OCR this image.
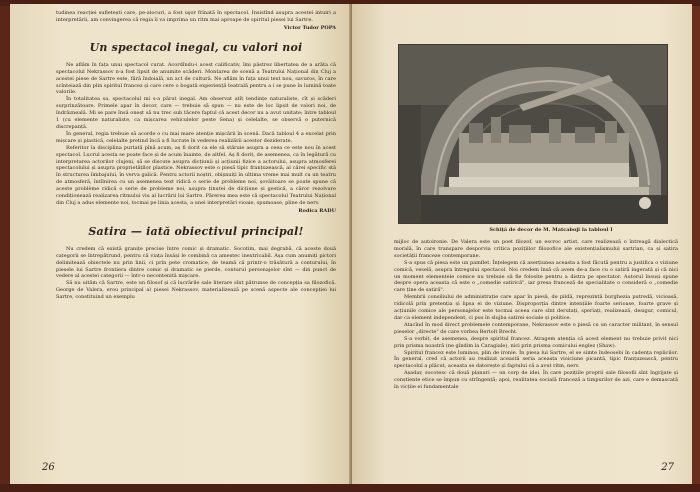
tudinea reacției sufletești care, pe-alocuri, a fost uşor frînată în spectacol. Insistînd asupra acestei intuiri a interpretării, am convingerea că regia îi va imprima un ritm mai aproape de spiritul piesei lui Sartre.

Victor Tudor POPA

Un spectacol inegal, cu valori noi

Ne aflăm în fața unui spectacol curat. Acordîndu-i acest calificativ, îmi păstrez libertatea de a arăta că spectacolul Nekrassov n-a fost lipsit de anumite scăderi. Montarea de scenă a Teatrului Național din Cluj a acestei piese de Sartre este, fără îndoială, un act de cultură. Ne aflăm în fața unui text nou, savuros, în care scînteiază din plin spiritul francez și care cere o bogată experiență teatrală pentru a i se pune în lumină toate valorile.

În totalitatea sa, spectacolul mi s-a părut inegal. Am observat atît tendințe naturaliste, cît și scăderi surprinzătoare. Primele apar în decor, care — trebuie să spun — nu este de loc lipsit de valori noi, de îndrăzneală. Mi se pare însă oneșt să nu trec sub tăcere faptul că acest decor nu a avut unitate; între tabloul 1 (cu elemente naturaliste, ca mișcarea vehiculelor peste Sena) și celelalte, se observă o puternică discrepanță.

În general, regia trebuie să acorde o cu mai mare atenție mișcării în scenă. Dacă tabloul 4 a excelat prin mișcare și plastică, celelalte pretind încă a fi lucrate în vederea realizării acestor deziderate.

Referitor la disciplina purtată pînă acum, aș fi dorit ca ele să stăruie asupra a ceea ce este nou în acest spectacol. Lucrul acesta se poate face și de acum înainte, de altfel. Aș fi dorit, de asemenea, ca în legătură cu interpretarea actorilor clujeni, să se discute asupra dicțiunii și acțiunii fizice a actorului, asupra atmosferei spectacolului și asupra proprietăților plastice. Nekrassov este o piesă tipic franțuzească, al cărei specific stă în structurea limbajului, în verva galică. Pentru actorii noștri, obișnuiți în ultima vreme mai mult cu un teatru de atmosferă, întîlnirea cu un asemenea text ridică o serie de probleme noi, șovăitoare se poate spune că aceste problème ridică o serie de probleme noi, asupra ținutei de dicțiune și gestică, a căror rezolvare condiționează realizarea ritmului viu al lucrării lui Sartre. Părerea mea este că spectacolul Teatrului Național din Cluj a adus elemente noi, tocmai pe linia acesta, a unei interpretări vioaie, spumoase, pline de nerv.

Rodica RADU

Satira — iată obiectivul principal!

Nu credem că există granițe precise între comic și dramatic. Socotim, mai degrabă, că aceste două categorii se întrepătrund, pentru că viața însăși le combină ca amestec inextricabil. Așa cum anumiți pictori delimitează obiectele nu prin linii, ci prin pete cromatice, de teamă că printr-o trăsătură a conturului, în piesele lui Sartre frontiera dintre comic și dramatic se pierde, conturul personajelor sînt — din punct de vedere al acestei categorii — într-o necontenită mișcare.

Să nu uităm că Sartre, este un filosof și că lucrările sale literare sînt pătrunse de concepția sa filozofică. George de Valera, erou principal al piesei Nekrassov, materializează pe scenă aspecte ale concepției lui Sartre, constituind un exemplu

26
Schiță de decor de M. Matcaboji la tabloul I

mijloc de autoironie. De Valera este un poet filozof, un escroc artist, care realizează o întreagă dialectică morală, în care transpare desporvia critica pozițiilor filozofice ale existențialismului sartrian, ca și satira societății franceze contemporane.

S-a spus că piesa este un pamflet. Înțelegem că aserțiunea aceasta a fost făcută pentru a justifica o viziune comică, veselă, asupra întregului spectacol. Noi credem însă că avem de-a face cu o satiră ingerată și că nici un moment elementele comice nu trebuie să fie folosite pentru a distra pe spectator. Autorul însuși spune despre opera aceasta că este o „comedie satirică", iar presa franceză de specialitate o consideră o „comedie care ține de satiră".

Membrii consiliului de administrație care apar în piesă, de pildă, reprezintă burghezia putredă, vicioasă, ridicolă prin pretenția și lipsa ei de viziune. Disproporția dintre intențiile foarte serioase, foarte grave și acțiunile comice ale personajelor este tocmai aceea care sînt derutați, speriați, realizează, desigur, comicul, dar ca element independent, ci pus în slujba satirei sociale și politice.

Atacînd în mod direct problemele contemporane, Nekrassov este o piesă cu un caracter militant, în sensul pieselor „directe" de care vorbea Bertolt Brecht.

S-a vorbit, de asemenea, despre spiritul francez. Atragem atenția că acest element nu trebuie privit nici prin prisma noastră (ne gîndim la Caragiale), nici prin prisma comicului englez (Shaw).

Spiritul francez este luminos, plin de ironie. În piesa lui Sartre, el se simte îndeosebi în cadența replicilor. În general, cred că actorii au realizat această seria aceasta vioiciune picantă, tipic franțuzească, pentru spectacolul a plăcut, aceasta se datorește și faptului că a avut ritm, nerv.

Așadar, socotesc că două planuri — un corp de idei. În care pozițiile proprii sale filosofii sînt îngrijate și conștiente etice se împun cu strîngență; apoi, realitatea socială franceză a timpurilor de azi, care e demascată în vicțiie ei fundamentale

27
